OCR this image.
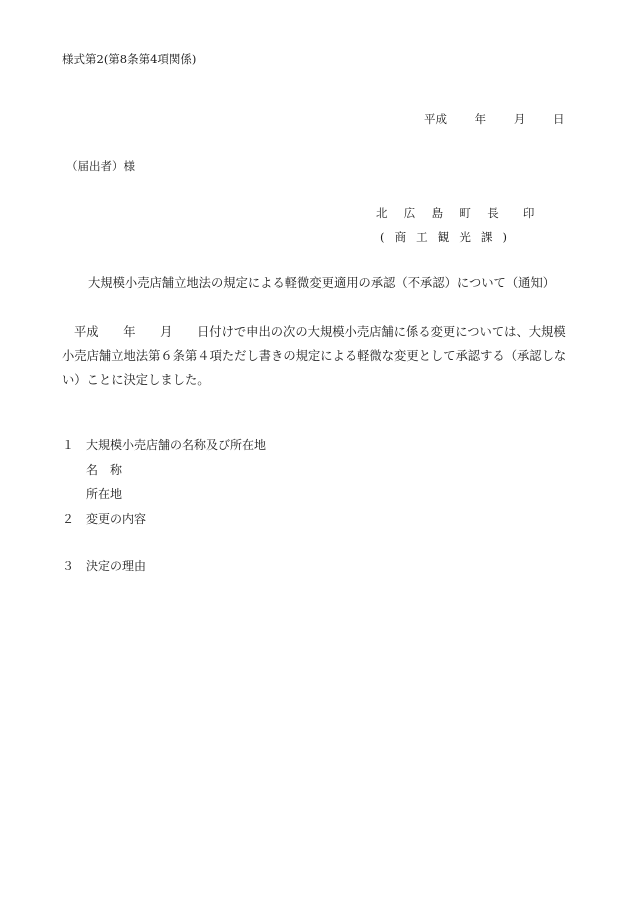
様式第2(第8条第4項関係)
平成 年 月 日
（届出者）様
北 広 島 町 長　印
( 商 工 観 光 課 )
大規模小売店舗立地法の規定による軽微変更適用の承認（不承認）について（通知）
平成　　年　　月　　日付けで申出の次の大規模小売店舗に係る変更については、大規模小売店舗立地法第６条第４項ただし書きの規定による軽微な変更として承認する（承認しない）ことに決定しました。
１ 大規模小売店舗の名称及び所在地
名　称
所在地
２ 変更の内容
３ 決定の理由
